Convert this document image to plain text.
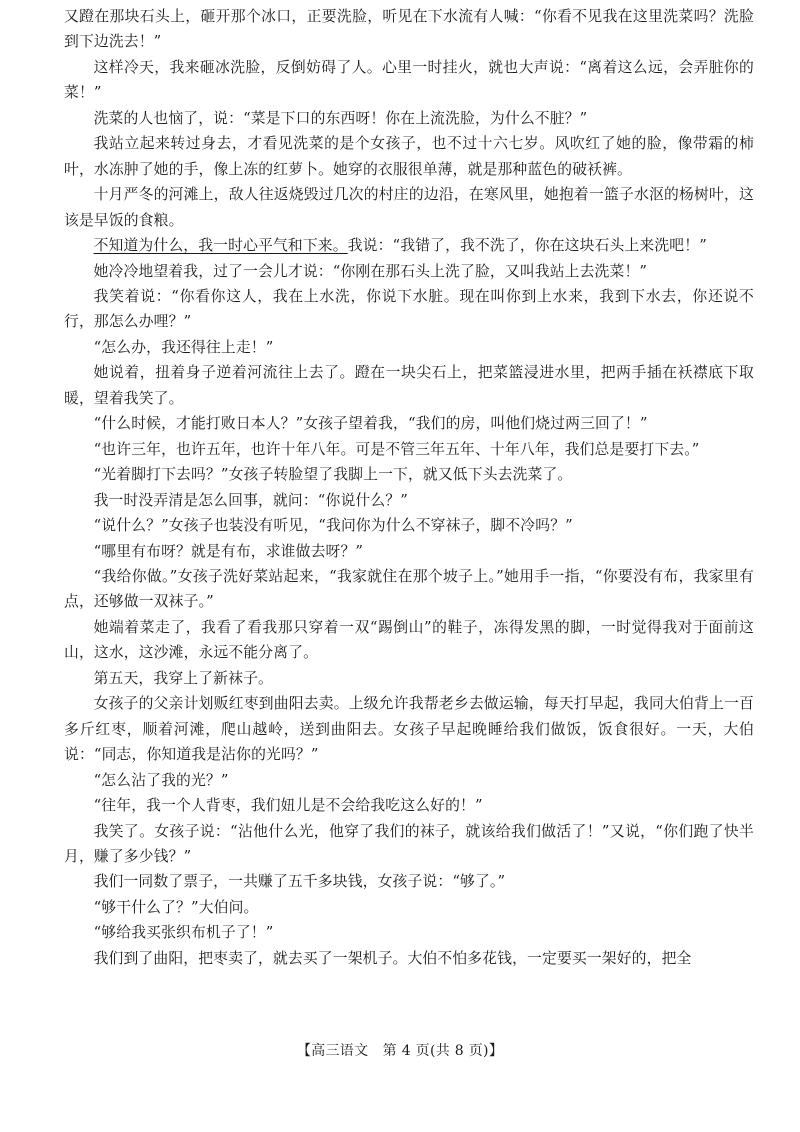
又蹬在那块石头上，砸开那个冰口，正要洗脸，听见在下水流有人喊：“你看不见我在这里洗菜吗？洗脸到下边洗去！”

这样冷天，我来砸冰洗脸，反倒妨碍了人。心里一时挂火，就也大声说：“离着这么远，会弄脏你的菜！”

洗菜的人也恼了，说：“菜是下口的东西呀！你在上流洗脸，为什么不脏？”

我站立起来转过身去，才看见洗菜的是个女孩子，也不过十六七岁。风吹红了她的脸，像带霜的柿叶，水冻肿了她的手，像上冻的红萝卜。她穿的衣服很单薄，就是那种蓝色的破袄裤。

十月严冬的河滩上，敌人往返烧毁过几次的村庄的边沿，在寒风里，她抱着一篮子水沤的杨树叶，这该是早饭的食粮。

不知道为什么，我一时心平气和下来。我说：“我错了，我不洗了，你在这块石头上来洗吧！”

她冷冷地望着我，过了一会儿才说：“你刚在那石头上洗了脸，又叫我站上去洗菜！”

我笑着说：“你看你这人，我在上水洗，你说下水脏。现在叫你到上水来，我到下水去，你还说不行，那怎么办哩？”

“怎么办，我还得往上走！”

她说着，扭着身子逆着河流往上去了。蹬在一块尖石上，把菜篮浸进水里，把两手插在袄襟底下取暖，望着我笑了。

“什么时候，才能打败日本人？”女孩子望着我，“我们的房，叫他们烧过两三回了！”

“也许三年，也许五年，也许十年八年。可是不管三年五年、十年八年，我们总是要打下去。”

“光着脚打下去吗？”女孩子转脸望了我脚上一下，就又低下头去洗菜了。

我一时没弄清是怎么回事，就问：“你说什么？”

“说什么？”女孩子也装没有听见，“我问你为什么不穿袜子，脚不冷吗？”

“哪里有布呀？就是有布，求谁做去呀？”

“我给你做。”女孩子洗好菜站起来，“我家就住在那个坡子上。”她用手一指，“你要没有布，我家里有点，还够做一双袜子。”

她端着菜走了，我看了看我那只穿着一双“踢倒山”的鞋子，冻得发黑的脚，一时觉得我对于面前这山，这水，这沙滩，永远不能分离了。

第五天，我穿上了新袜子。

女孩子的父亲计划贩红枣到曲阳去卖。上级允许我帮老乡去做运输，每天打早起，我同大伯背上一百多斤红枣，顺着河滩，爬山越岭，送到曲阳去。女孩子早起晚睡给我们做饭，饭食很好。一天，大伯说：“同志，你知道我是沾你的光吗？”

“怎么沾了我的光？”

“往年，我一个人背枣，我们妞儿是不会给我吃这么好的！”

我笑了。女孩子说：“沾他什么光，他穿了我们的袜子，就该给我们做活了！”又说，“你们跑了快半月，赚了多少钱？”

我们一同数了票子，一共赚了五千多块钱，女孩子说：“够了。”

“够干什么了？”大伯问。

“够给我买张织布机子了！”

我们到了曲阳，把枣卖了，就去买了一架机子。大伯不怕多花钱，一定要买一架好的，把全

【高三语文　第 4 页(共 8 页)】
